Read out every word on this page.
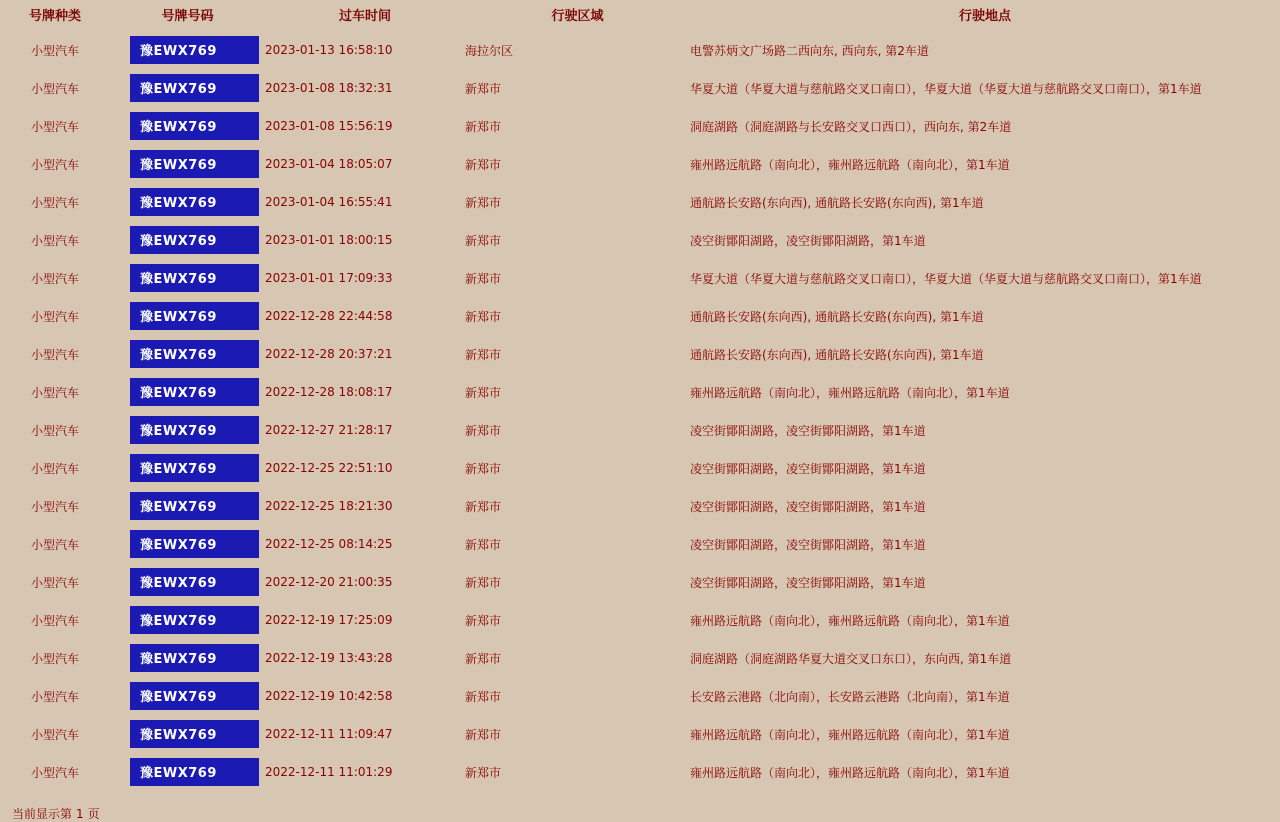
号牌种类	号牌号码	过车时间	行驶区域	行驶地点
小型汽车	豫EWX769	2023-01-13 16:58:10	海拉尔区	电警苏炳文广场路二西向东, 西向东, 第2车道
小型汽车	豫EWX769	2023-01-08 18:32:31	新郑市	华夏大道（华夏大道与慈航路交叉口南口），华夏大道（华夏大道与慈航路交叉口南口），第1车道
小型汽车	豫EWX769	2023-01-08 15:56:19	新郑市	洞庭湖路（洞庭湖路与长安路交叉口西口），西向东, 第2车道
小型汽车	豫EWX769	2023-01-04 18:05:07	新郑市	雍州路远航路（南向北），雍州路远航路（南向北），第1车道
小型汽车	豫EWX769	2023-01-04 16:55:41	新郑市	通航路长安路(东向西), 通航路长安路(东向西), 第1车道
小型汽车	豫EWX769	2023-01-01 18:00:15	新郑市	凌空街鄮阳湖路，凌空街鄮阳湖路，第1车道
小型汽车	豫EWX769	2023-01-01 17:09:33	新郑市	华夏大道（华夏大道与慈航路交叉口南口），华夏大道（华夏大道与慈航路交叉口南口），第1车道
小型汽车	豫EWX769	2022-12-28 22:44:58	新郑市	通航路长安路(东向西), 通航路长安路(东向西), 第1车道
小型汽车	豫EWX769	2022-12-28 20:37:21	新郑市	通航路长安路(东向西), 通航路长安路(东向西), 第1车道
小型汽车	豫EWX769	2022-12-28 18:08:17	新郑市	雍州路远航路（南向北），雍州路远航路（南向北），第1车道
小型汽车	豫EWX769	2022-12-27 21:28:17	新郑市	凌空街鄮阳湖路，凌空街鄮阳湖路，第1车道
小型汽车	豫EWX769	2022-12-25 22:51:10	新郑市	凌空街鄮阳湖路，凌空街鄮阳湖路，第1车道
小型汽车	豫EWX769	2022-12-25 18:21:30	新郑市	凌空街鄮阳湖路，凌空街鄮阳湖路，第1车道
小型汽车	豫EWX769	2022-12-25 08:14:25	新郑市	凌空街鄮阳湖路，凌空街鄮阳湖路，第1车道
小型汽车	豫EWX769	2022-12-20 21:00:35	新郑市	凌空街鄮阳湖路，凌空街鄮阳湖路，第1车道
小型汽车	豫EWX769	2022-12-19 17:25:09	新郑市	雍州路远航路（南向北），雍州路远航路（南向北），第1车道
小型汽车	豫EWX769	2022-12-19 13:43:28	新郑市	洞庭湖路（洞庭湖路华夏大道交叉口东口），东向西, 第1车道
小型汽车	豫EWX769	2022-12-19 10:42:58	新郑市	长安路云港路（北向南），长安路云港路（北向南），第1车道
小型汽车	豫EWX769	2022-12-11 11:09:47	新郑市	雍州路远航路（南向北），雍州路远航路（南向北），第1车道
小型汽车	豫EWX769	2022-12-11 11:01:29	新郑市	雍州路远航路（南向北），雍州路远航路（南向北），第1车道
当前显示第 1 页
